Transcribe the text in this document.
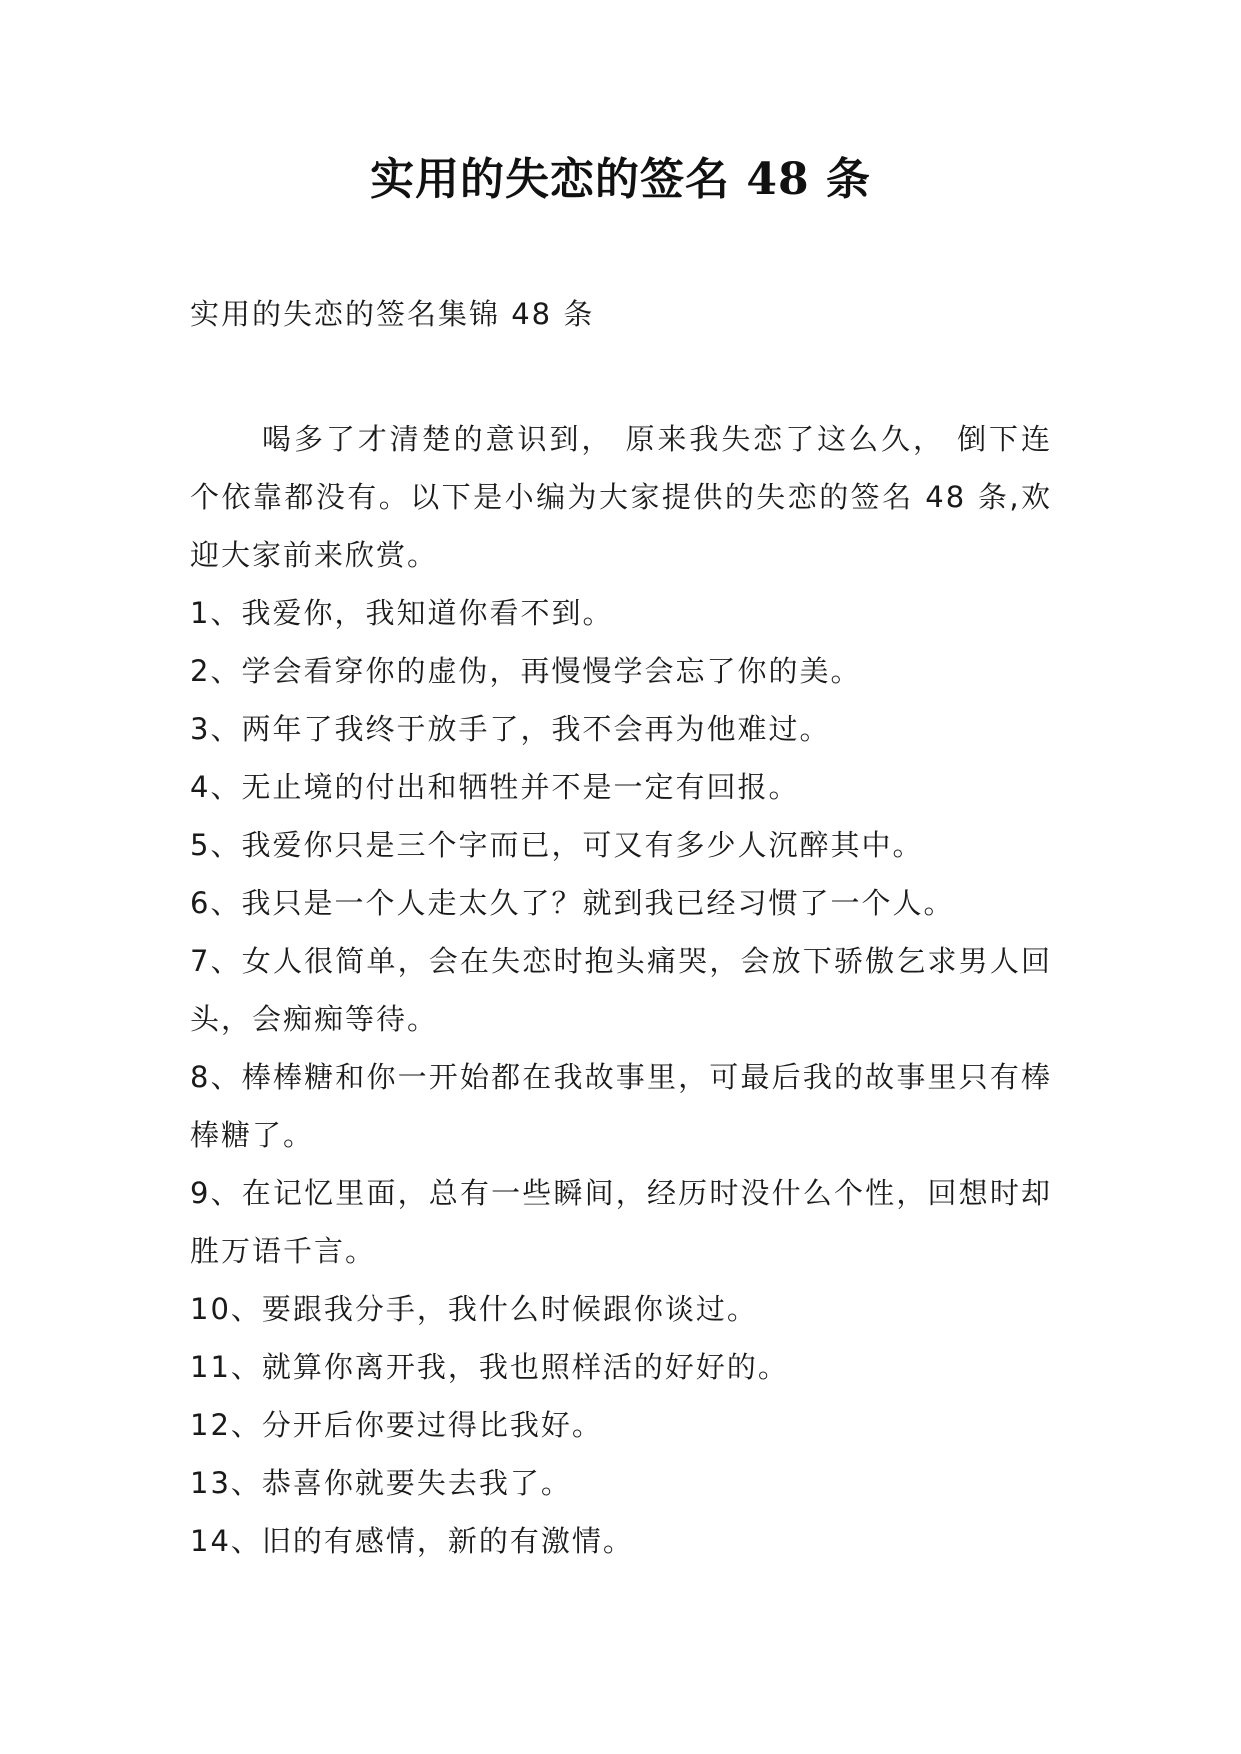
实用的失恋的签名 48 条
实用的失恋的签名集锦 48 条

喝多了才清楚的意识到， 原来我失恋了这么久， 倒下连个依靠都没有。以下是小编为大家提供的失恋的签名 48 条,欢迎大家前来欣赏。

1、我爱你，我知道你看不到。

2、学会看穿你的虚伪，再慢慢学会忘了你的美。

3、两年了我终于放手了，我不会再为他难过。

4、无止境的付出和牺牲并不是一定有回报。

5、我爱你只是三个字而已，可又有多少人沉醉其中。

6、我只是一个人走太久了？就到我已经习惯了一个人。

7、女人很简单，会在失恋时抱头痛哭，会放下骄傲乞求男人回头，会痴痴等待。

8、棒棒糖和你一开始都在我故事里，可最后我的故事里只有棒棒糖了。

9、在记忆里面，总有一些瞬间，经历时没什么个性，回想时却胜万语千言。

10、要跟我分手，我什么时候跟你谈过。

11、就算你离开我，我也照样活的好好的。

12、分开后你要过得比我好。

13、恭喜你就要失去我了。

14、旧的有感情，新的有激情。
